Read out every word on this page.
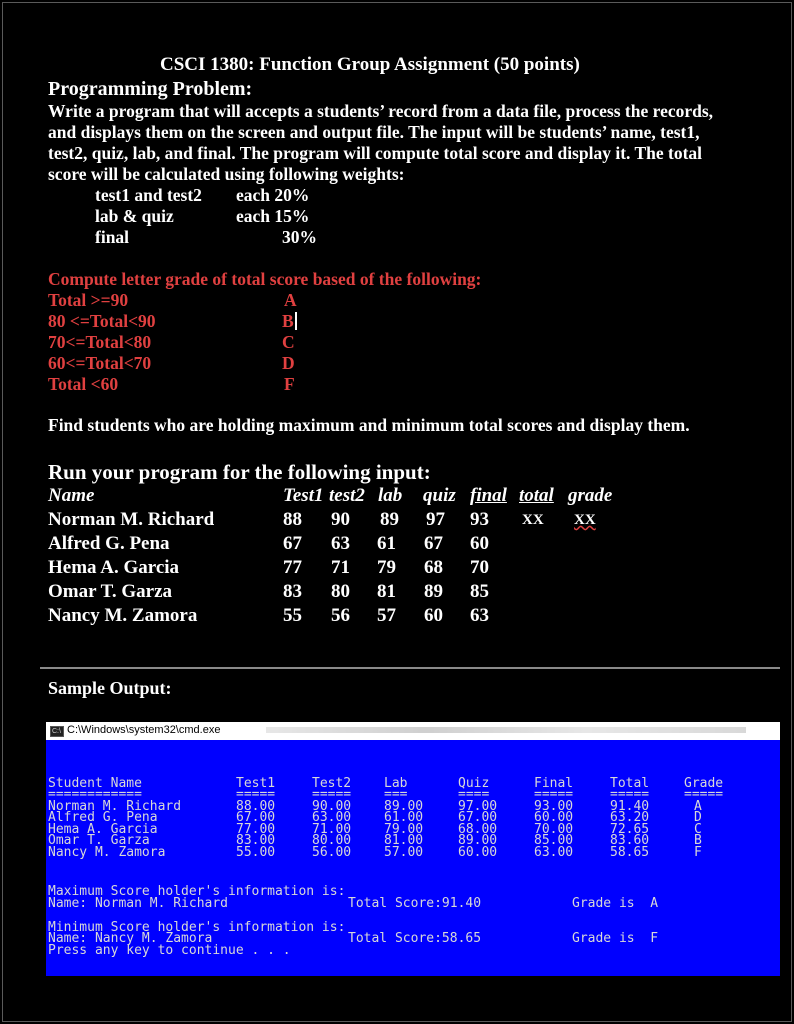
CSCI 1380: Function Group Assignment (50 points)
Programming Problem:
Write a program that will accepts a students’ record from a data file, process the records,
and displays them on the screen and output file. The input will be students’ name, test1,
test2, quiz, lab, and final. The program will compute total score and display it. The total
score will be calculated using following weights:
test1 and test2 each 20%
lab & quiz	each 15%
final	30%
Compute letter grade of total score based of the following:
Total >=90	A
80 <=Total<90	B
70<=Total<80	C
60<=Total<70	D
Total <60	F
Find students who are holding maximum and minimum total scores and display them.
Run your program for the following input:
Name	Test1 test2 lab quiz final total grade
Norman M. Richard	88 90 89 97 93 XX XX
Alfred G. Pena	67 63 61 67 60
Hema A. Garcia	77 71 79 68 70
Omar T. Garza	83 80 81 89 85
Nancy M. Zamora	55 56 57 60 63
Sample Output:
C:\ C:\Windows\system32\cmd.exe
Student Name	Test1	Test2	Lab	Quiz	Final	Total	Grade
============	=====	=====	===	====	=====	=====	=====
Norman M. Richard	88.00	90.00	89.00	97.00	93.00	91.40	A
Alfred G. Pena	67.00	63.00	61.00	67.00	60.00	63.20	D
Hema A. Garcia	77.00	71.00	79.00	68.00	70.00	72.65	C
Omar T. Garza	83.00	80.00	81.00	89.00	85.00	83.60	B
Nancy M. Zamora	55.00	56.00	57.00	60.00	63.00	58.65	F
Maximum Score holder's information is:
Name: Norman M. Richard	Total Score:91.40	Grade is  A
Minimum Score holder's information is:
Name: Nancy M. Zamora	Total Score:58.65	Grade is  F
Press any key to continue . . .
